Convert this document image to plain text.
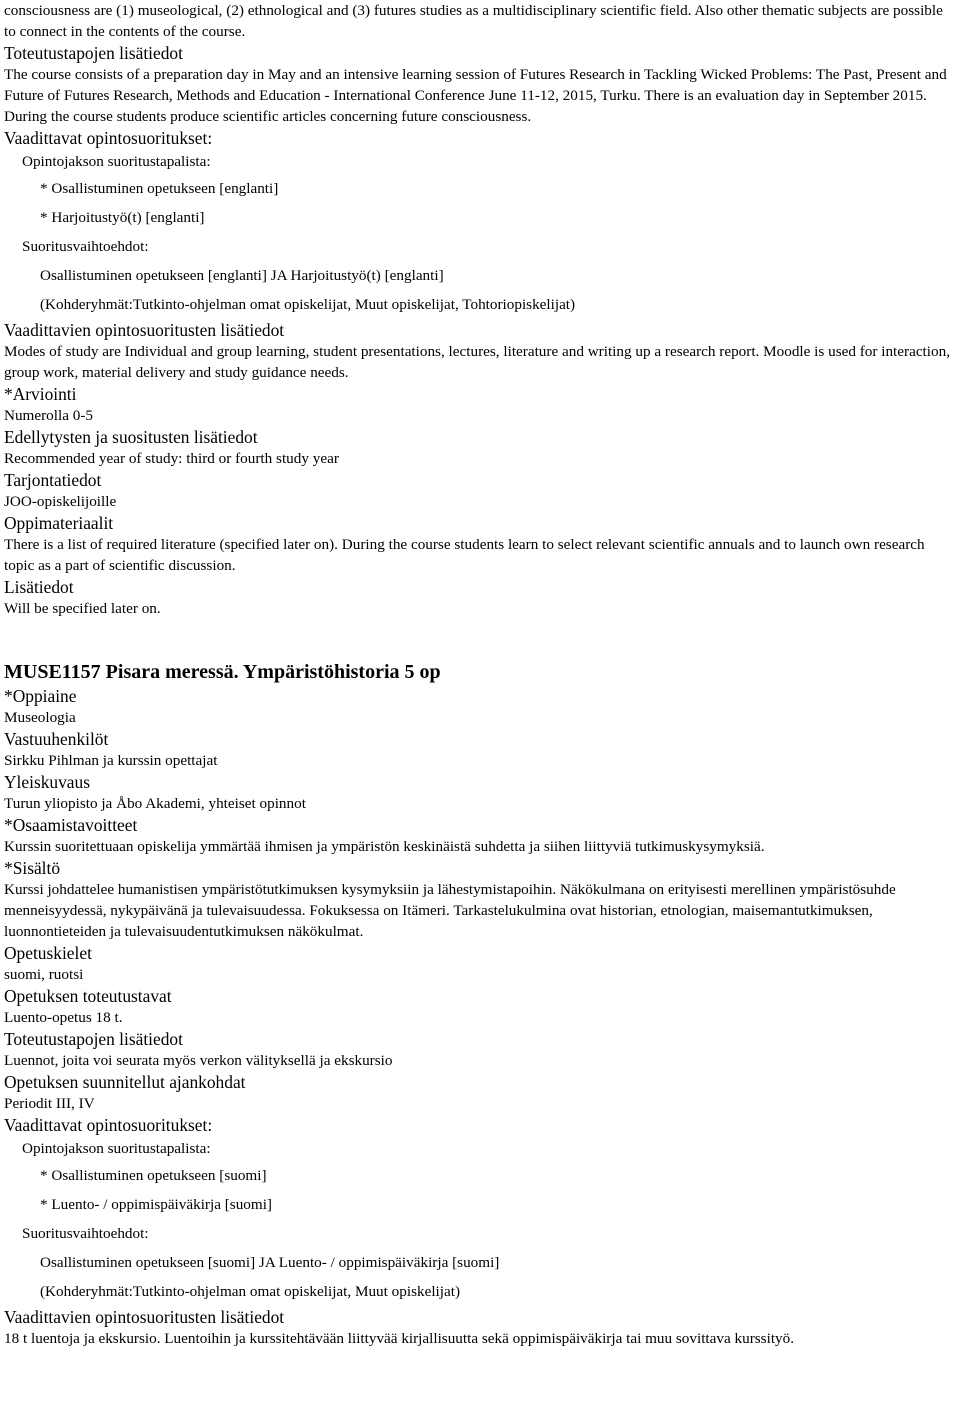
consciousness are (1) museological, (2) ethnological and (3) futures studies as a multidisciplinary scientific field. Also other thematic subjects are possible to connect in the contents of the course.

Toteutustapojen lisätiedot

The course consists of a preparation day in May and an intensive learning session of Futures Research in Tackling Wicked Problems: The Past, Present and Future of Futures Research, Methods and Education - International Conference June 11-12, 2015, Turku. There is an evaluation day in September 2015. During the course students produce scientific articles concerning future consciousness.

Vaadittavat opintosuoritukset:

Opintojakson suoritustapalista:
* Osallistuminen opetukseen [englanti]
* Harjoitustyö(t) [englanti]
Suoritusvaihtoehdot:
Osallistuminen opetukseen [englanti] JA Harjoitustyö(t) [englanti]
(Kohderyhmät:Tutkinto-ohjelman omat opiskelijat, Muut opiskelijat, Tohtoriopiskelijat)

Vaadittavien opintosuoritusten lisätiedot

Modes of study are Individual and group learning, student presentations, lectures, literature and writing up a research report. Moodle is used for interaction, group work, material delivery and study guidance needs.

*Arviointi

Numerolla 0-5

Edellytysten ja suositusten lisätiedot

Recommended year of study: third or fourth study year

Tarjontatiedot

JOO-opiskelijoille

Oppimateriaalit

There is a list of required literature (specified later on). During the course students learn to select relevant scientific annuals and to launch own research topic as a part of scientific discussion.

Lisätiedot

Will be specified later on.

MUSE1157 Pisara meressä. Ympäristöhistoria 5 op

*Oppiaine

Museologia

Vastuuhenkilöt

Sirkku Pihlman ja kurssin opettajat

Yleiskuvaus

Turun yliopisto ja Åbo Akademi, yhteiset opinnot

*Osaamistavoitteet

Kurssin suoritettuaan opiskelija ymmärtää ihmisen ja ympäristön keskinäistä suhdetta ja siihen liittyviä tutkimuskysymyksiä.

*Sisältö

Kurssi johdattelee humanistisen ympäristötutkimuksen kysymyksiin ja lähestymistapoihin. Näkökulmana on erityisesti merellinen ympäristösuhde menneisyydessä, nykypäivänä ja tulevaisuudessa. Fokuksessa on Itämeri. Tarkastelukulmina ovat historian, etnologian, maisemantutkimuksen, luonnontieteiden ja tulevaisuudentutkimuksen näkökulmat.

Opetuskielet

suomi, ruotsi

Opetuksen toteutustavat

Luento-opetus 18 t.

Toteutustapojen lisätiedot

Luennot, joita voi seurata myös verkon välityksellä ja ekskursio

Opetuksen suunnitellut ajankohdat

Periodit III, IV

Vaadittavat opintosuoritukset:

Opintojakson suoritustapalista:
* Osallistuminen opetukseen [suomi]
* Luento- / oppimispäiväkirja [suomi]
Suoritusvaihtoehdot:
Osallistuminen opetukseen [suomi] JA Luento- / oppimispäiväkirja [suomi]
(Kohderyhmät:Tutkinto-ohjelman omat opiskelijat, Muut opiskelijat)

Vaadittavien opintosuoritusten lisätiedot

18 t luentoja ja ekskursio. Luentoihin ja kurssitehtävään liittyvää kirjallisuutta sekä oppimispäiväkirja tai muu sovittava kurssityö.
